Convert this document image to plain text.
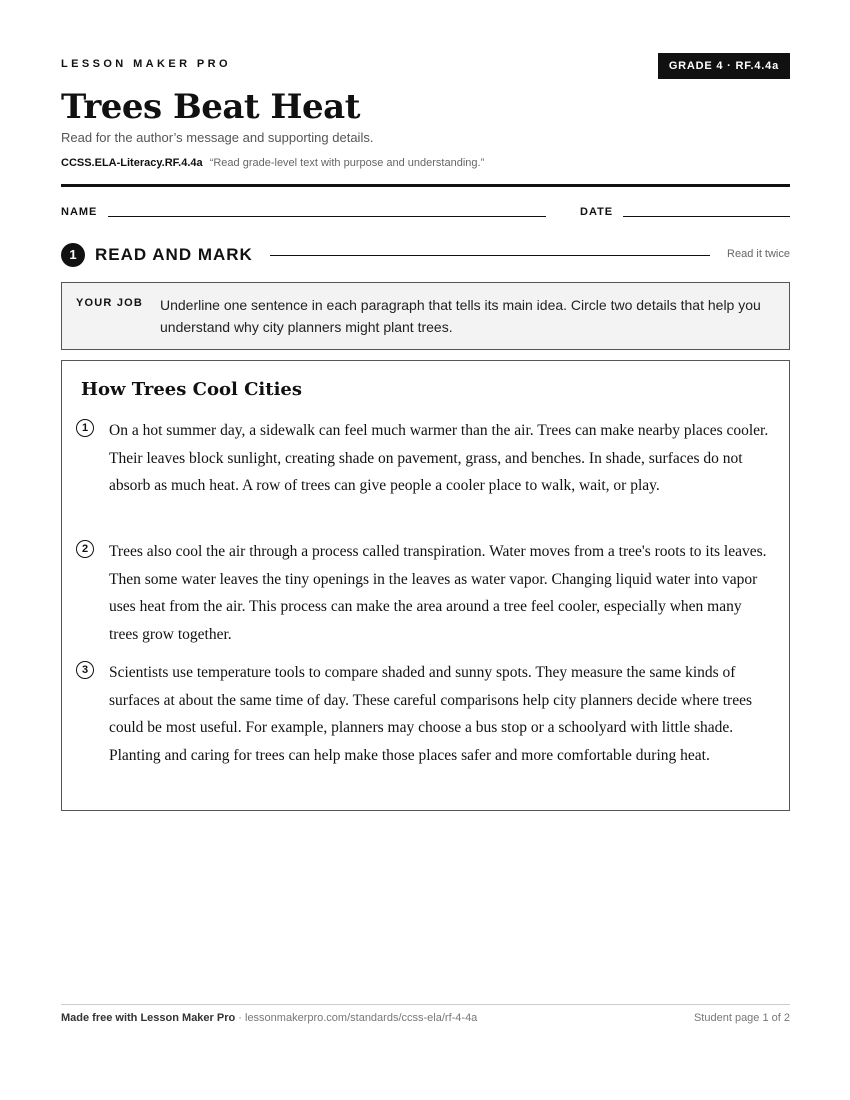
LESSON MAKER PRO	GRADE 4 · RF.4.4a
Trees Beat Heat
Read for the author’s message and supporting details.
CCSS.ELA-Literacy.RF.4.4a “Read grade-level text with purpose and understanding.”
NAME	DATE
1	READ AND MARK	Read it twice
YOUR JOB Underline one sentence in each paragraph that tells its main idea. Circle two details that help you understand why city planners might plant trees.
How Trees Cool Cities
1	On a hot summer day, a sidewalk can feel much warmer than the air. Trees can make nearby places cooler. Their leaves block sunlight, creating shade on pavement, grass, and benches. In shade, surfaces do not absorb as much heat. A row of trees can give people a cooler place to walk, wait, or play.

2	Trees also cool the air through a process called transpiration. Water moves from a tree's roots to its leaves. Then some water leaves the tiny openings in the leaves as water vapor. Changing liquid water into vapor uses heat from the air. This process can make the area around a tree feel cooler, especially when many trees grow together.

3	Scientists use temperature tools to compare shaded and sunny spots. They measure the same kinds of surfaces at about the same time of day. These careful comparisons help city planners decide where trees could be most useful. For example, planners may choose a bus stop or a schoolyard with little shade. Planting and caring for trees can help make those places safer and more comfortable during heat.

Made free with Lesson Maker Pro · lessonmakerpro.com/standards/ccss-ela/rf-4-4a	Student page 1 of 2
